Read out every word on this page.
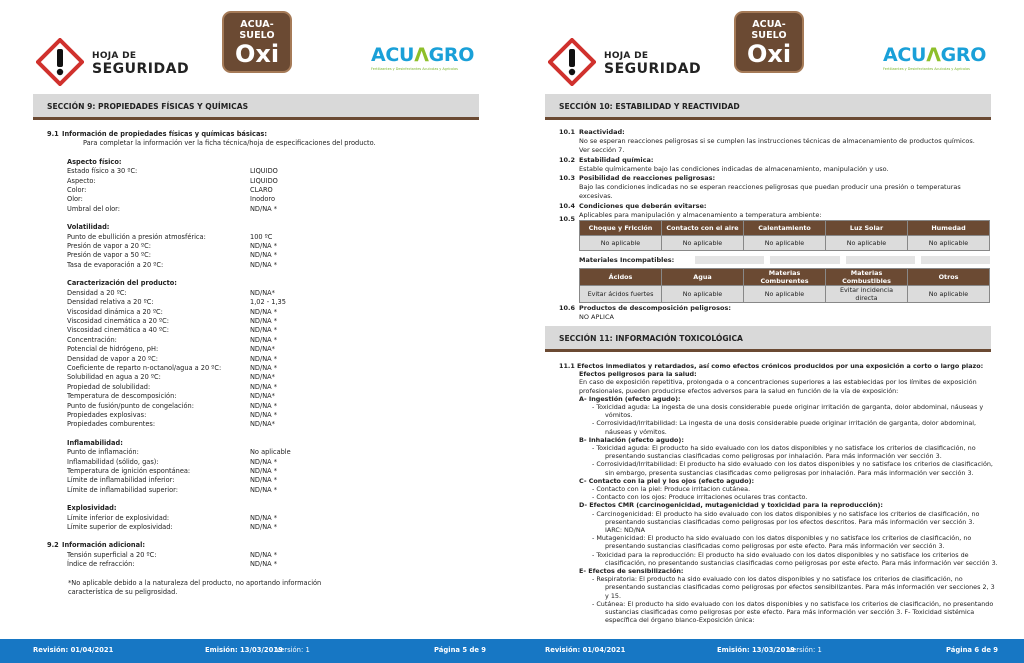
HOJA DE
SEGURIDAD
ACUA-SUELO
Oxi	ACUΛGRO
Fertilizantes y Desinfectantes Acuícolas y Agrícolas
SECCIÓN 9: PROPIEDADES FÍSICAS Y QUÍMICAS
9.1 Información de propiedades físicas y químicas básicas:
Para completar la información ver la ficha técnica/hoja de especificaciones del producto.
Aspecto físico:
Estado físico a 30 ºC:	LIQUIDO
Aspecto:	LIQUIDO
Color:	CLARO
Olor:	Inodoro
Umbral del olor:	ND/NA *
Volatilidad:
Punto de ebullición a presión atmosférica:	100 ºC
Presión de vapor a 20 ºC:	ND/NA *
Presión de vapor a 50 ºC:	ND/NA *
Tasa de evaporación a 20 ºC:	ND/NA *
Caracterización del producto:
Densidad a 20 ºC:	ND/NA*
Densidad relativa a 20 ºC:	1,02 - 1,35
Viscosidad dinámica a 20 ºC:	ND/NA *
Viscosidad cinemática a 20 ºC:	ND/NA *
Viscosidad cinemática a 40 ºC:	ND/NA *
Concentración:	ND/NA *
Potencial de hidrógeno, pH:	ND/NA*
Densidad de vapor a 20 ºC:	ND/NA *
Coeficiente de reparto n-octanol/agua a 20 ºC:	ND/NA *
Solubilidad en agua a 20 ºC:	ND/NA*
Propiedad de solubilidad:	ND/NA *
Temperatura de descomposición:	ND/NA*
Punto de fusión/punto de congelación:	ND/NA *
Propiedades explosivas:	ND/NA *
Propiedades comburentes:	ND/NA*
Inflamabilidad:
Punto de inflamación:	No aplicable
Inflamabilidad (sólido, gas):	ND/NA *
Temperatura de ignición espontánea:	ND/NA *
Límite de inflamabilidad inferior:	ND/NA *
Límite de inflamabilidad superior:	ND/NA *
Explosividad:
Límite inferior de explosividad:	ND/NA *
Límite superior de explosividad:	ND/NA *
9.2 Información adicional:
Tensión superficial a 20 ºC:	ND/NA *
Índice de refracción:	ND/NA *
*No aplicable debido a la naturaleza del producto, no aportando información
característica de su peligrosidad.
Revisión: 01/04/2021	Emisión: 13/03/2019
Versión: 1	Página 5 de 9
HOJA DE
SEGURIDAD
ACUA-SUELO
Oxi	ACUΛGRO
Fertilizantes y Desinfectantes Acuícolas y Agrícolas
SECCIÓN 10: ESTABILIDAD Y REACTIVIDAD
10.1 Reactividad:
No se esperan reacciones peligrosas si se cumplen las instrucciones técnicas de almacenamiento de productos químicos.
Ver sección 7.
10.2 Estabilidad química:
Estable químicamente bajo las condiciones indicadas de almacenamiento, manipulación y uso.
10.3 Posibilidad de reacciones peligrosas:
Bajo las condiciones indicadas no se esperan reacciones peligrosas que puedan producir una presión o temperaturas excesivas.
10.4 Condiciones que deberán evitarse:
Aplicables para manipulación y almacenamiento a temperatura ambiente:
10.5
Materiales Incompatibles:
10.6 Productos de descomposición peligrosos:
NO APLICA
SECCIÓN 11: INFORMACIÓN TOXICOLÓGICA
11.1 Efectos inmediatos y retardados, así como efectos crónicos producidos por una exposición a corto o largo plazo:
Efectos peligrosos para la salud:
En caso de exposición repetitiva, prolongada o a concentraciones superiores a las establecidas por los límites de exposición
profesionales, pueden producirse efectos adversos para la salud en función de la vía de exposición:
A- Ingestión (efecto agudo):
- Toxicidad aguda: La ingesta de una dosis considerable puede originar irritación de garganta, dolor abdominal, náuseas y
vómitos.
- Corrosividad/Irritabilidad: La ingesta de una dosis considerable puede originar irritación de garganta, dolor abdominal,
náuseas y vómitos.
B- Inhalación (efecto agudo):
- Toxicidad aguda: El producto ha sido evaluado con los datos disponibles y no satisface los criterios de clasificación, no
presentando sustancias clasificadas como peligrosas por inhalación. Para más información ver sección 3.
- Corrosividad/Irritabilidad: El producto ha sido evaluado con los datos disponibles y no satisface los criterios de clasificación,
sin embargo, presenta sustancias clasificadas como peligrosas por inhalación. Para más información ver sección 3.
C- Contacto con la piel y los ojos (efecto agudo):
- Contacto con la piel: Produce irritacion cutánea.
- Contacto con los ojos: Produce irritaciones oculares tras contacto.
D- Efectos CMR (carcinogenicidad, mutagenicidad y toxicidad para la reproducción):
- Carcinogenicidad: El producto ha sido evaluado con los datos disponibles y no satisface los criterios de clasificación, no
presentando sustancias clasificadas como peligrosas por los efectos descritos. Para más información ver sección 3.
IARC: ND/NA
- Mutagenicidad: El producto ha sido evaluado con los datos disponibles y no satisface los criterios de clasificación, no
presentando sustancias clasificadas como peligrosas por este efecto. Para más información ver sección 3.
- Toxicidad para la reproducción: El producto ha sido evaluado con los datos disponibles y no satisface los criterios de
clasificación, no presentando sustancias clasificadas como peligrosas por este efecto. Para más información ver sección 3.
E- Efectos de sensibilización:
- Respiratoria: El producto ha sido evaluado con los datos disponibles y no satisface los criterios de clasificación, no
presentando sustancias clasificadas como peligrosas por efectos sensibilizantes. Para más información ver secciones 2, 3 y 15.
- Cutánea: El producto ha sido evaluado con los datos disponibles y no satisface los criterios de clasificación, no presentando
sustancias clasificadas como peligrosas por este efecto. Para más información ver sección 3. F- Toxicidad sistémica
específica del órgano blanco-Exposición única:
Revisión: 01/04/2021	Emisión: 13/03/2019
Versión: 1	Página 6 de 9
Choque y Fricción	Contacto con el aire	Calentamiento	Luz Solar	Humedad
No aplicable	No aplicable	No aplicable	No aplicable	No aplicable
Ácidos	Agua	Materias Comburentes	Materias Combustibles	Otros
Evitar ácidos fuertes	No aplicable	No aplicable	Evitar incidencia directa	No aplicable
